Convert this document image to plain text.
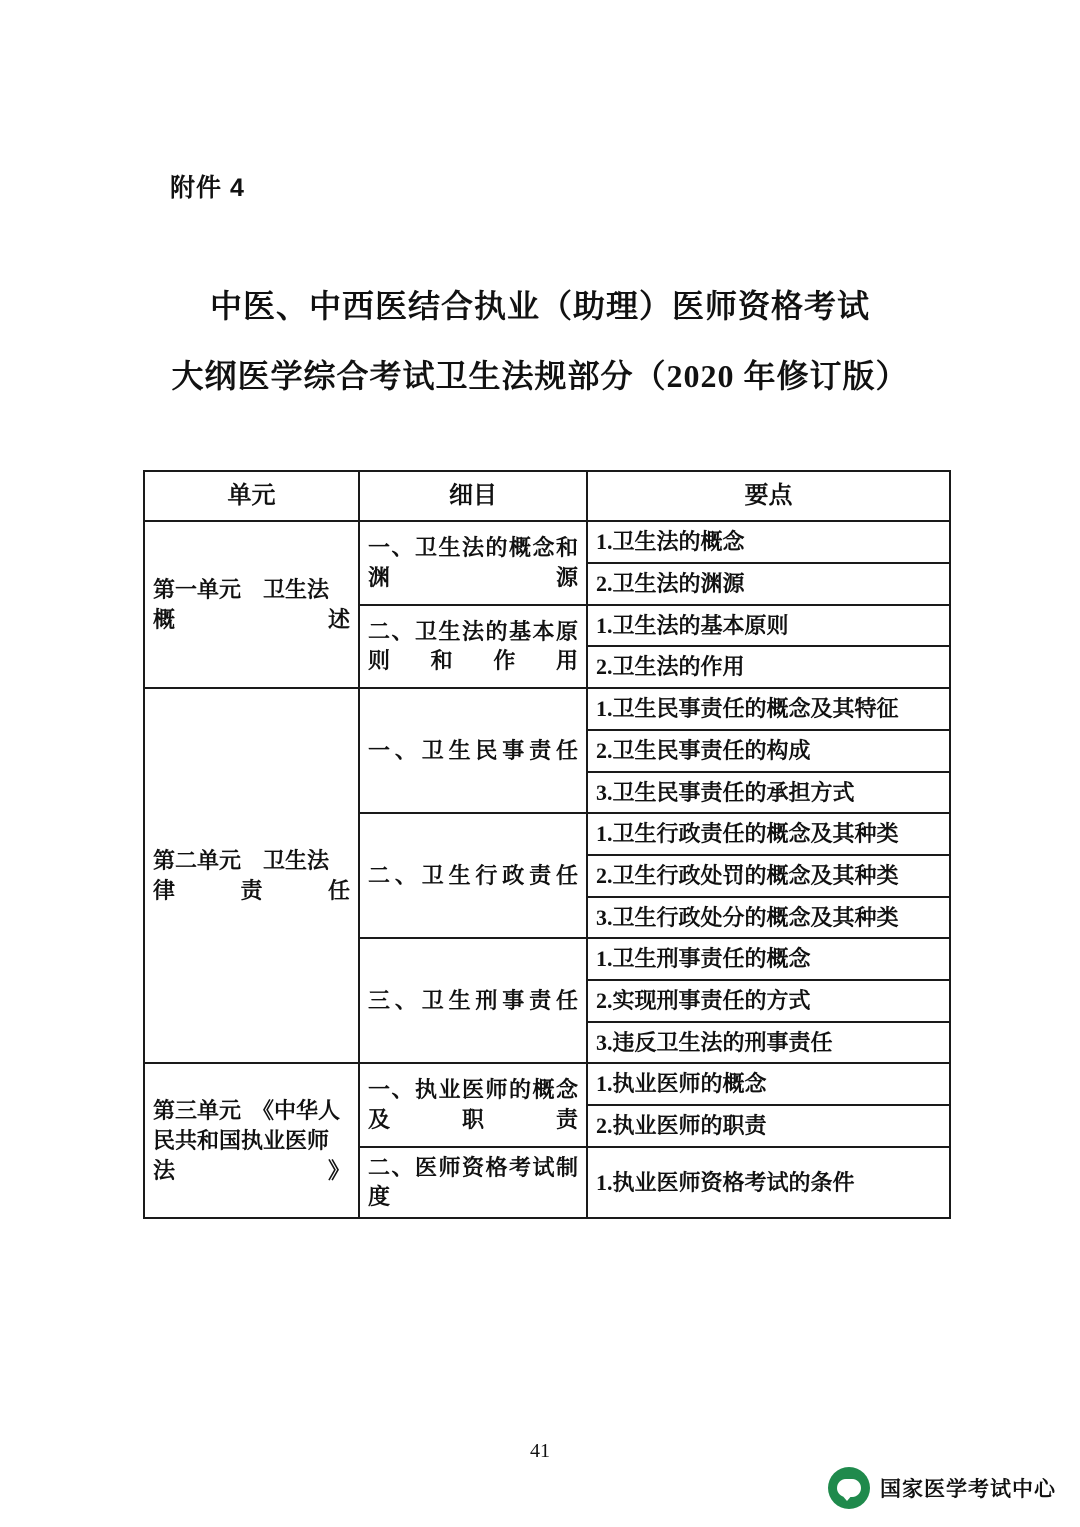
附件 4
中医、中西医结合执业（助理）医师资格考试
大纲医学综合考试卫生法规部分（2020 年修订版）
单元	细目	要点
第一单元　卫生法概述	一、卫生法的概念和渊源	1.卫生法的概念
		2.卫生法的渊源
	二、卫生法的基本原则和作用	1.卫生法的基本原则
		2.卫生法的作用
第二单元　卫生法律责任	一、卫生民事责任	1.卫生民事责任的概念及其特征
		2.卫生民事责任的构成
		3.卫生民事责任的承担方式
	二、卫生行政责任	1.卫生行政责任的概念及其种类
		2.卫生行政处罚的概念及其种类
		3.卫生行政处分的概念及其种类
	三、卫生刑事责任	1.卫生刑事责任的概念
		2.实现刑事责任的方式
		3.违反卫生法的刑事责任
第三单元　《中华人民共和国执业医师法》	一、执业医师的概念及职责	1.执业医师的概念
		2.执业医师的职责
	二、医师资格考试制度	1.执业医师资格考试的条件
41
国家医学考试中心
